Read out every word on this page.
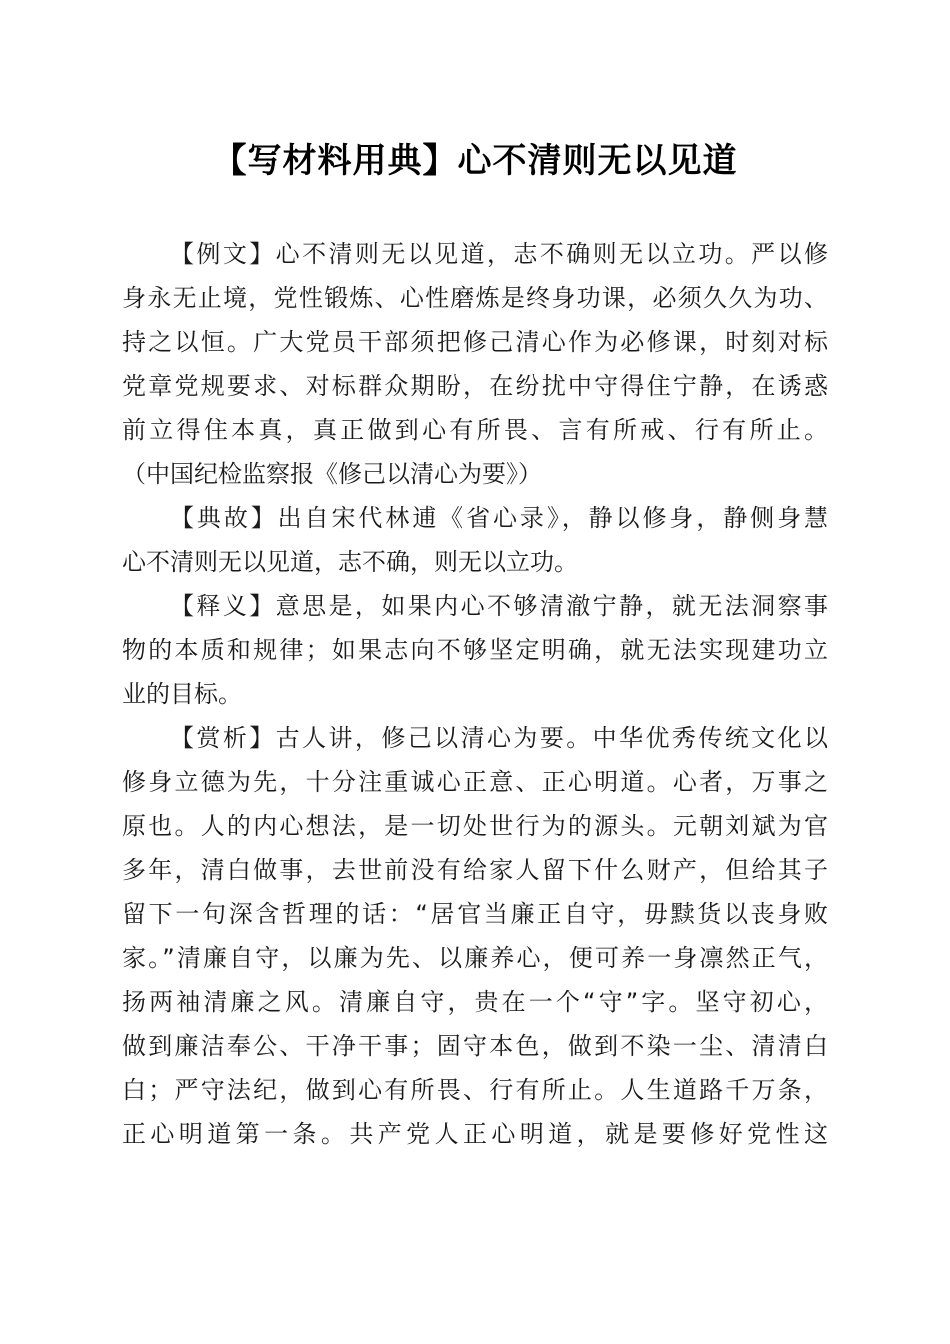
【写材料用典】心不清则无以见道
【例文】心不清则无以见道，志不确则无以立功。严以修
身永无止境，党性锻炼、心性磨炼是终身功课，必须久久为功、
持之以恒。广大党员干部须把修己清心作为必修课，时刻对标
党章党规要求、对标群众期盼，在纷扰中守得住宁静，在诱惑
前立得住本真，真正做到心有所畏、言有所戒、行有所止。
（中国纪检监察报《修己以清心为要》）
【典故】出自宋代林逋《省心录》，静以修身，静侧身慧
心不清则无以见道，志不确，则无以立功。
【释义】意思是，如果内心不够清澈宁静，就无法洞察事
物的本质和规律；如果志向不够坚定明确，就无法实现建功立
业的目标。
【赏析】古人讲，修己以清心为要。中华优秀传统文化以
修身立德为先，十分注重诚心正意、正心明道。心者，万事之
原也。人的内心想法，是一切处世行为的源头。元朝刘斌为官
多年，清白做事，去世前没有给家人留下什么财产，但给其子
留下一句深含哲理的话：“居官当廉正自守，毋黩货以丧身败
家。”清廉自守，以廉为先、以廉养心，便可养一身凛然正气，
扬两袖清廉之风。清廉自守，贵在一个“守”字。坚守初心，
做到廉洁奉公、干净干事；固守本色，做到不染一尘、清清白
白；严守法纪，做到心有所畏、行有所止。人生道路千万条，
正心明道第一条。共产党人正心明道，就是要修好党性这
